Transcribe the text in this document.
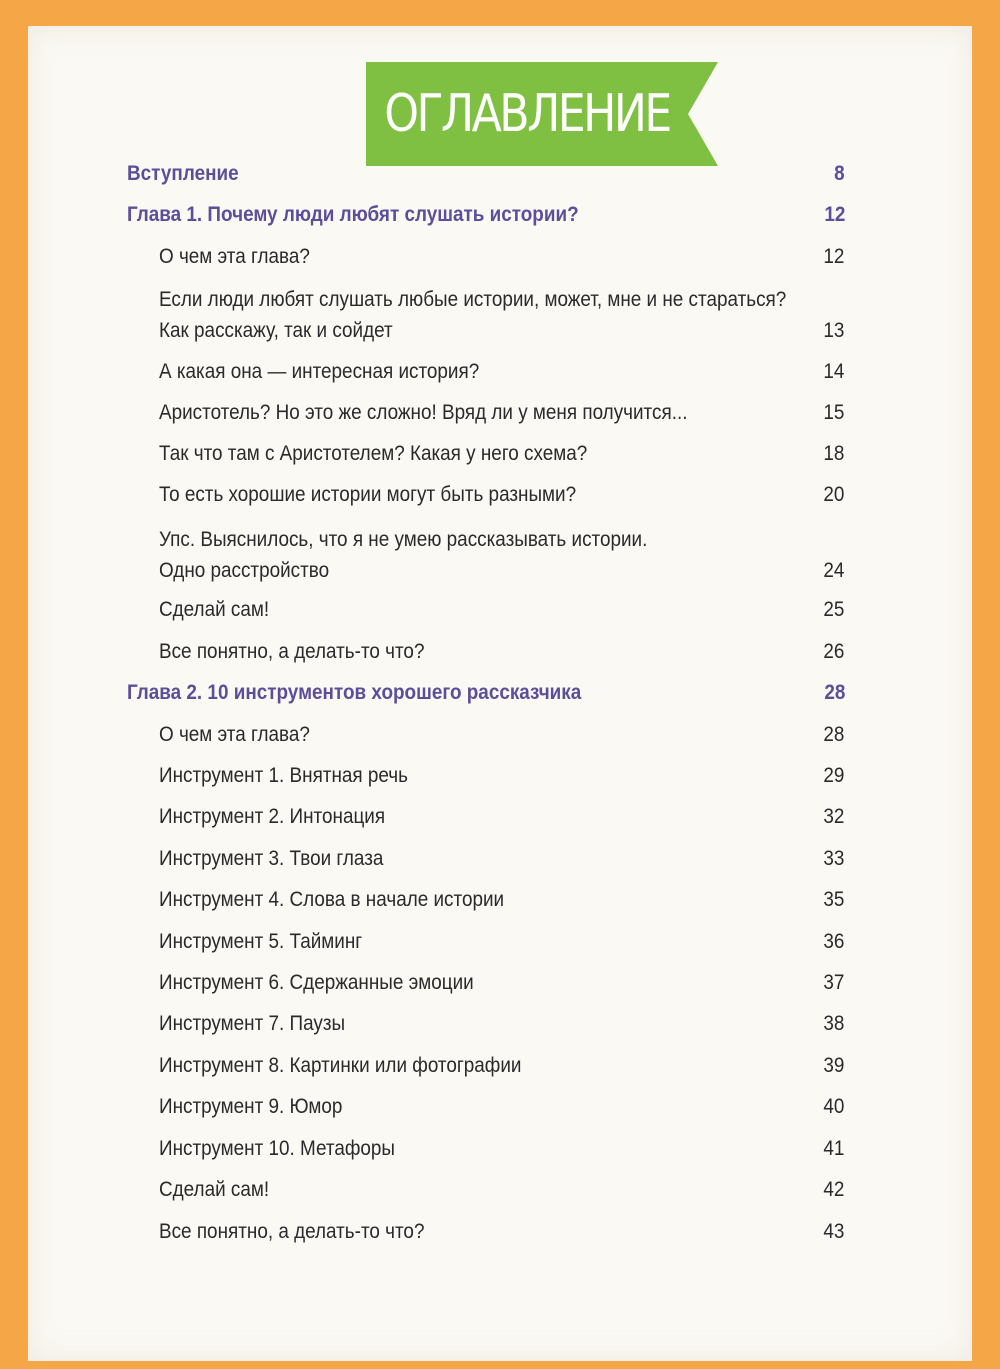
ОГЛАВЛЕНИЕ
Вступление	8
Глава 1. Почему люди любят слушать истории?	12
О чем эта глава?	12
Если люди любят слушать любые истории, может, мне и не стараться?
Как расскажу, так и сойдет	13
А какая она — интересная история?	14
Аристотель? Но это же сложно! Вряд ли у меня получится...	15
Так что там с Аристотелем? Какая у него схема?	18
То есть хорошие истории могут быть разными?	20
Упс. Выяснилось, что я не умею рассказывать истории.
Одно расстройство	24
Сделай сам!	25
Все понятно, а делать-то что?	26
Глава 2. 10 инструментов хорошего рассказчика	28
О чем эта глава?	28
Инструмент 1. Внятная речь	29
Инструмент 2. Интонация	32
Инструмент 3. Твои глаза	33
Инструмент 4. Слова в начале истории	35
Инструмент 5. Тайминг	36
Инструмент 6. Сдержанные эмоции	37
Инструмент 7. Паузы	38
Инструмент 8. Картинки или фотографии	39
Инструмент 9. Юмор	40
Инструмент 10. Метафоры	41
Сделай сам!	42
Все понятно, а делать-то что?	43
